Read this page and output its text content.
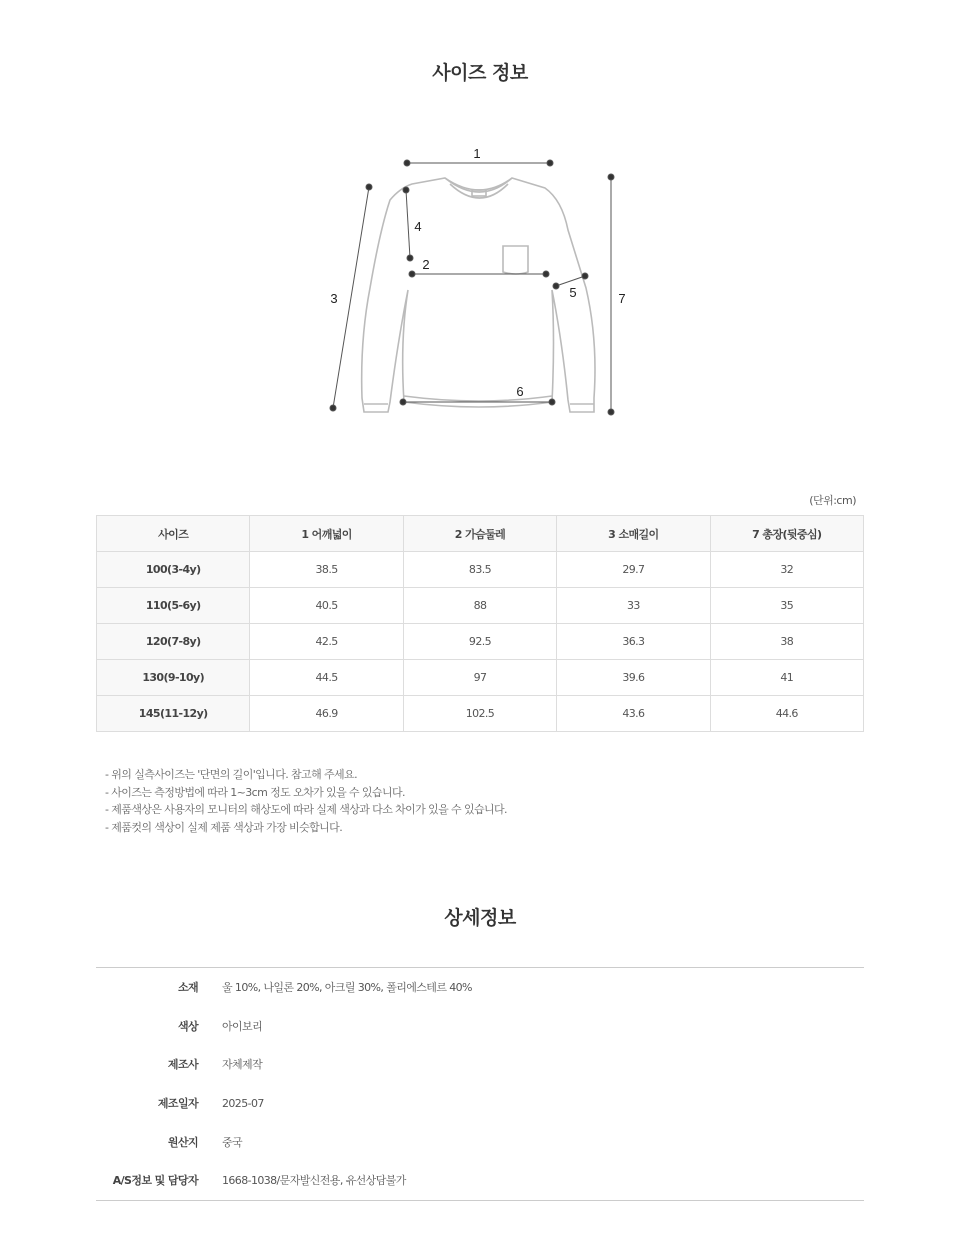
사이즈 정보
1
2
3
4
5
6
7
(단위:cm)
사이즈	1 어깨넓이	2 가슴둘레	3 소매길이	7 총장(뒷중심)
100(3-4y)	38.5	83.5	29.7	32
110(5-6y)	40.5	88	33	35
120(7-8y)	42.5	92.5	36.3	38
130(9-10y)	44.5	97	39.6	41
145(11-12y)	46.9	102.5	43.6	44.6
- 위의 실측사이즈는 '단면의 길이'입니다. 참고해 주세요.
- 사이즈는 측정방법에 따라 1~3cm 정도 오차가 있을 수 있습니다.
- 제품색상은 사용자의 모니터의 해상도에 따라 실제 색상과 다소 차이가 있을 수 있습니다.
- 제품컷의 색상이 실제 제품 색상과 가장 비슷합니다.
상세정보
소재	울 10%, 나일론 20%, 아크릴 30%, 폴리에스테르 40%
색상	아이보리
제조사	자체제작
제조일자	2025-07
원산지	중국
A/S정보 및 담당자	1668-1038/문자발신전용, 유선상담불가
